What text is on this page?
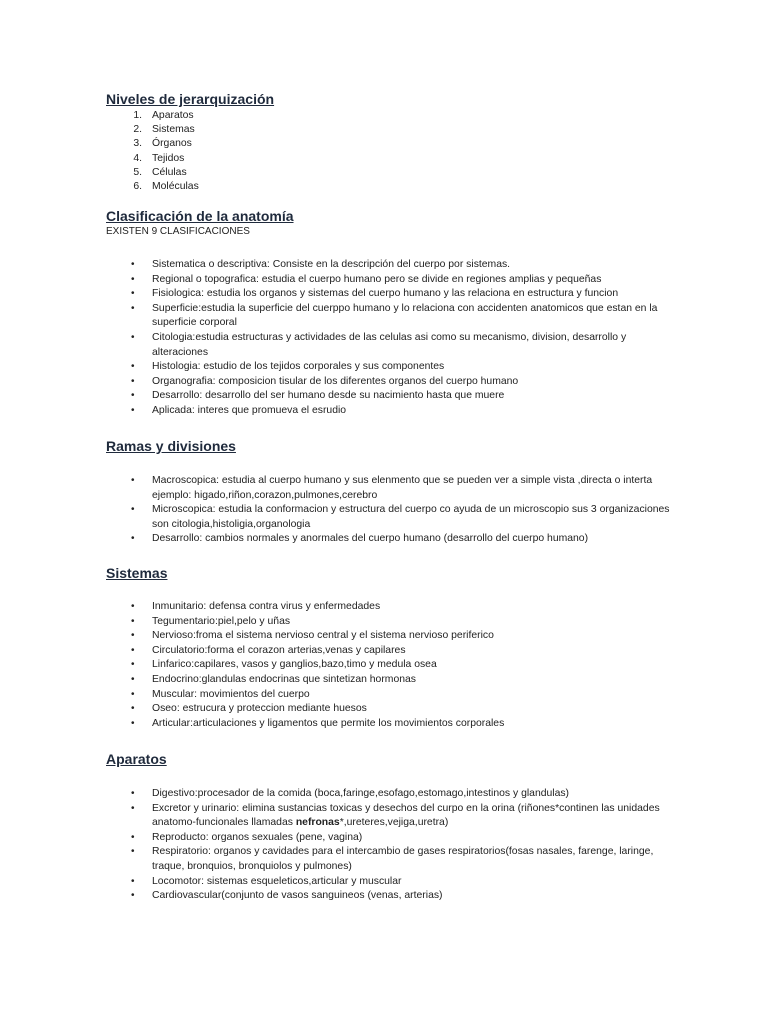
Niveles de jerarquización
1. Aparatos
2. Sistemas
3. Órganos
4. Tejidos
5. Células
6. Moléculas
Clasificación de la anatomía
EXISTEN 9 CLASIFICACIONES
• Sistematica o descriptiva: Consiste en la descripción del cuerpo por sistemas.
• Regional o topografica: estudia el cuerpo humano pero se divide en regiones amplias y pequeñas
• Fisiologica: estudia los organos y sistemas del cuerpo humano y las relaciona en estructura y funcion
• Superficie:estudia la superficie del cuerppo humano y lo relaciona con accidenten anatomicos que estan en la superficie corporal
• Citologia:estudia estructuras y actividades de las celulas asi como su mecanismo, division, desarrollo y alteraciones
• Histologia: estudio de los tejidos corporales y sus componentes
• Organografia: composicion tisular de los diferentes organos del cuerpo humano
• Desarrollo: desarrollo del ser humano desde su nacimiento hasta que muere
• Aplicada: interes que promueva el esrudio
Ramas y divisiones
• Macroscopica: estudia al cuerpo humano y sus elenmento que se pueden ver a simple vista ,directa o interta ejemplo: higado,riñon,corazon,pulmones,cerebro
• Microscopica: estudia la conformacion y estructura del cuerpo co ayuda de un microscopio sus 3 organizaciones son citologia,histoligia,organologia
• Desarrollo: cambios normales y anormales del cuerpo humano (desarrollo del cuerpo humano)
Sistemas
• Inmunitario: defensa contra virus y enfermedades
• Tegumentario:piel,pelo y uñas
• Nervioso:froma el sistema nervioso central y el sistema nervioso periferico
• Circulatorio:forma el corazon arterias,venas y capilares
• Linfarico:capilares, vasos y ganglios,bazo,timo y medula osea
• Endocrino:glandulas endocrinas que sintetizan hormonas
• Muscular: movimientos del cuerpo
• Oseo: estrucura y proteccion mediante huesos
• Articular:articulaciones y ligamentos que permite los movimientos corporales
Aparatos
• Digestivo:procesador de la comida (boca,faringe,esofago,estomago,intestinos y glandulas)
• Excretor y urinario: elimina sustancias toxicas y desechos del curpo en la orina (riñones*continen las unidades anatomo-funcionales llamadas nefronas*,ureteres,vejiga,uretra)
• Reproducto: organos sexuales (pene, vagina)
• Respiratorio: organos y cavidades para el intercambio de gases respiratorios(fosas nasales, farenge, laringe, traque, bronquios, bronquiolos y pulmones)
• Locomotor: sistemas esqueleticos,articular y muscular
• Cardiovascular(conjunto de vasos sanguineos (venas, arterias)
